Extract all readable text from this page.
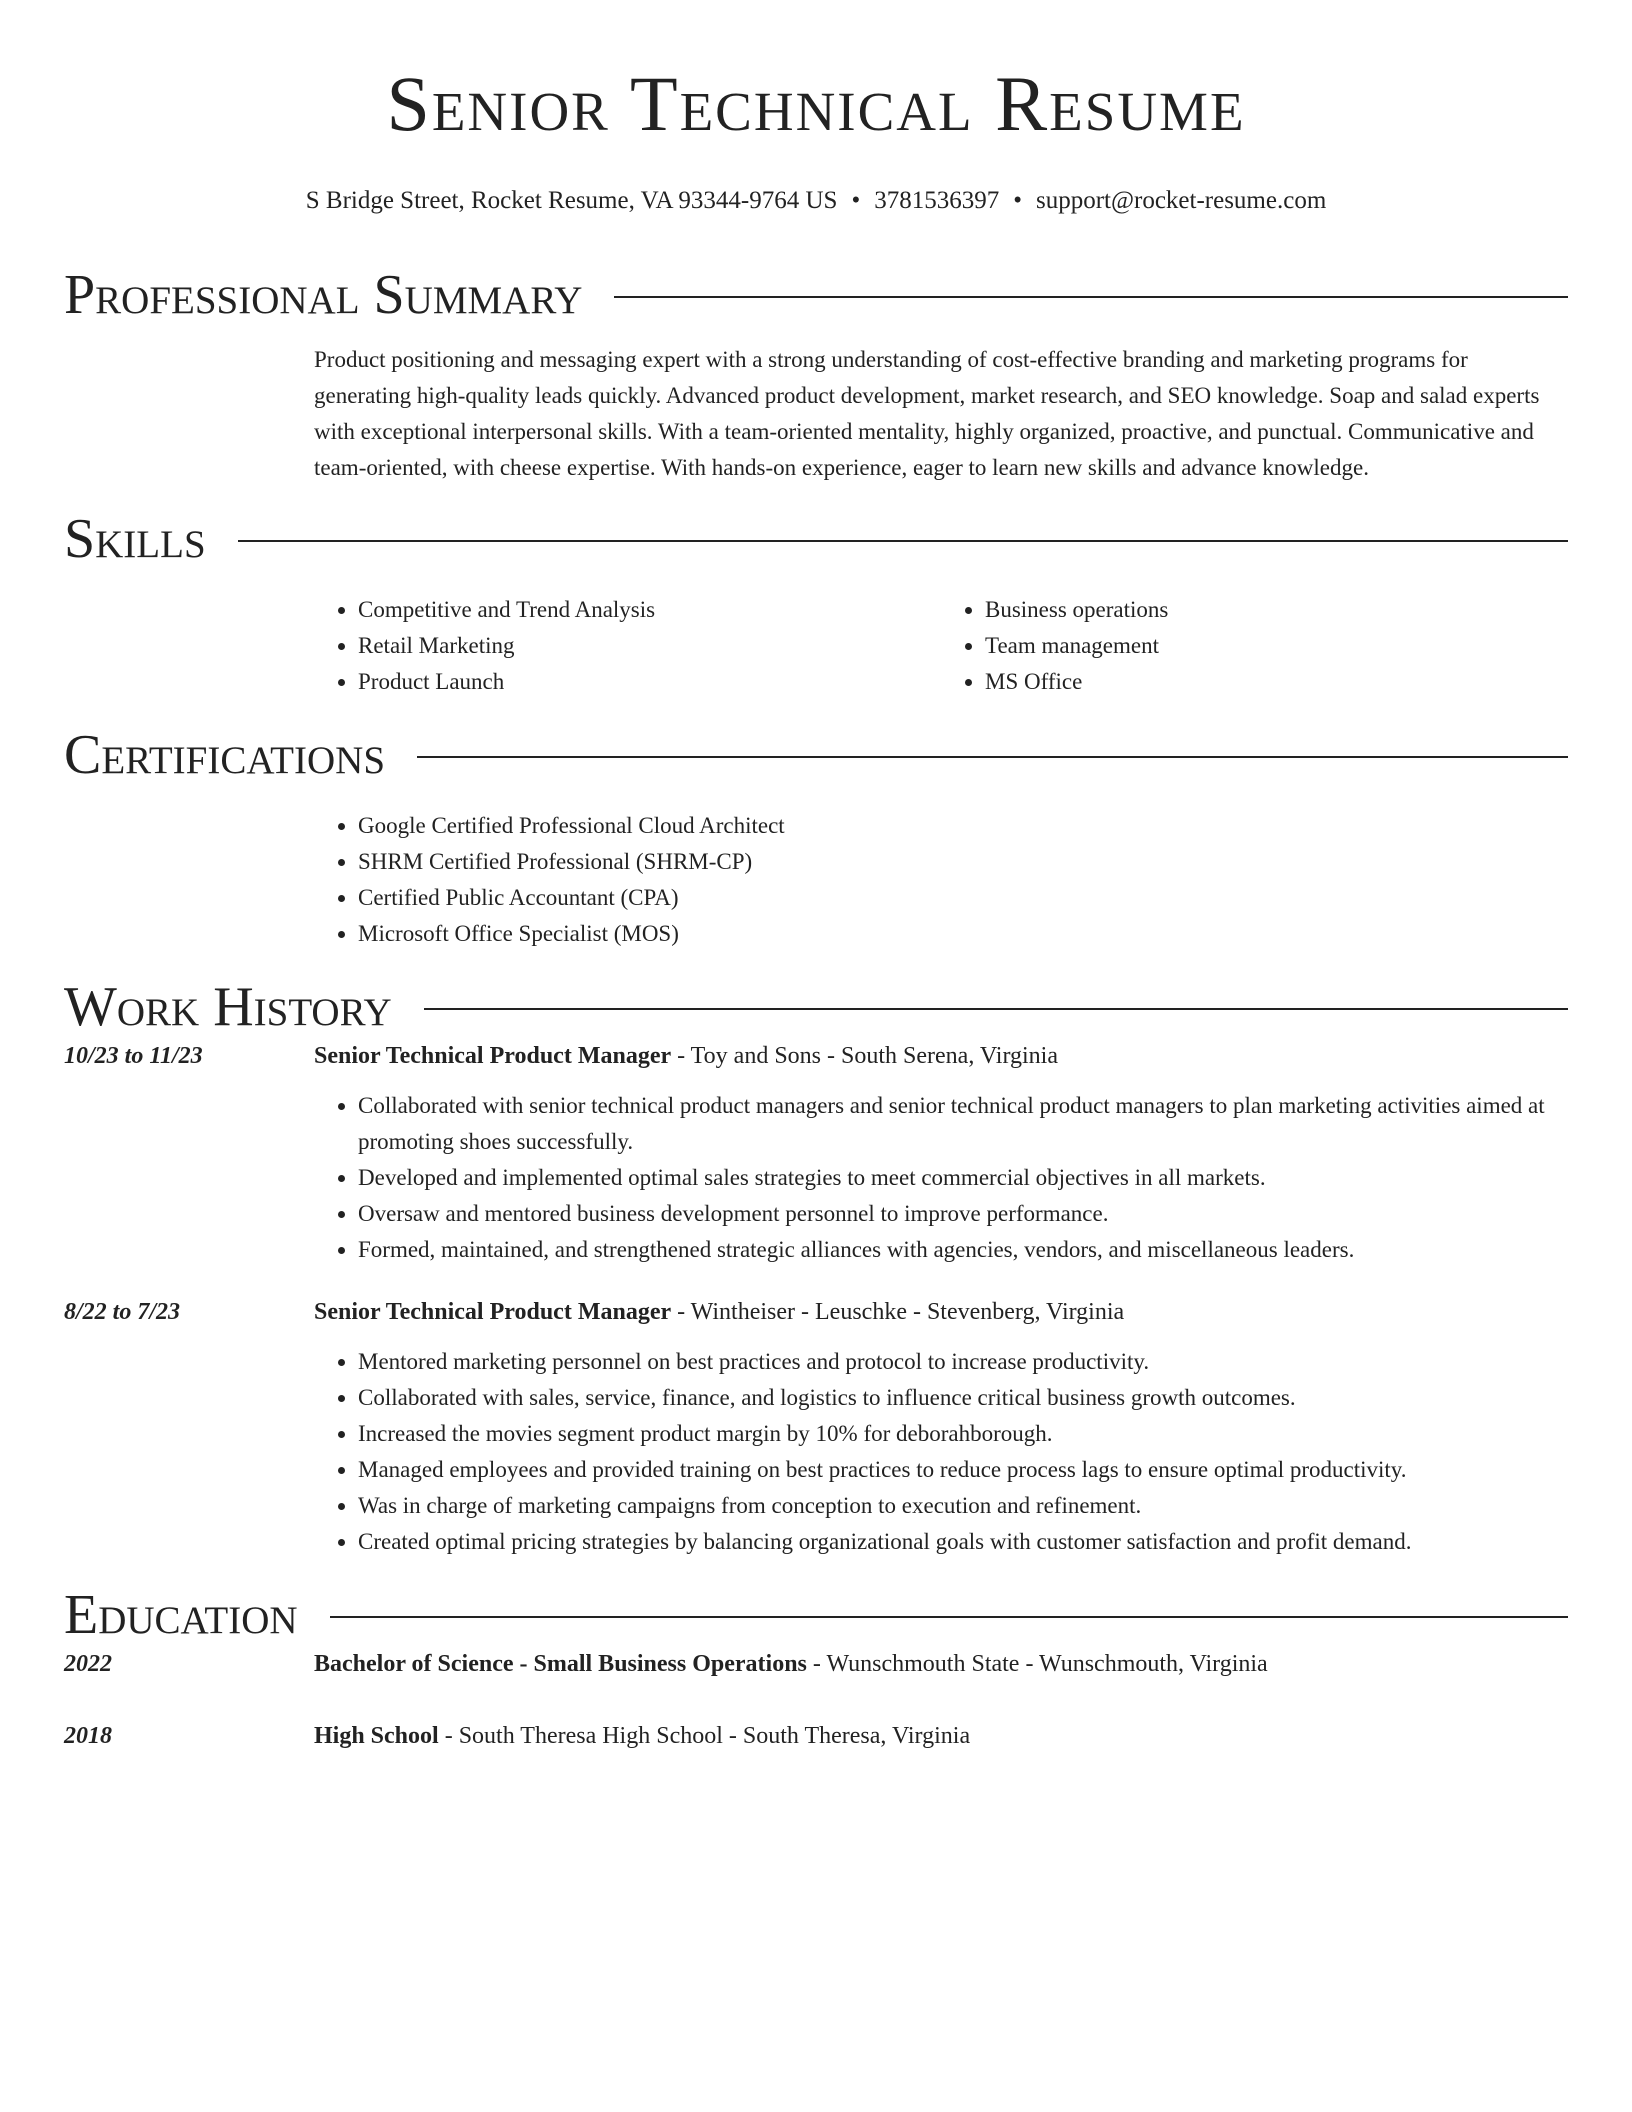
Senior Technical Resume
S Bridge Street, Rocket Resume, VA 93344-9764 US • 3781536397 • support@rocket-resume.com
Professional Summary

Product positioning and messaging expert with a strong understanding of cost-effective branding and marketing programs for generating high-quality leads quickly. Advanced product development, market research, and SEO knowledge. Soap and salad experts with exceptional interpersonal skills. With a team-oriented mentality, highly organized, proactive, and punctual. Communicative and team-oriented, with cheese expertise. With hands-on experience, eager to learn new skills and advance knowledge.

Skills
• Competitive and Trend Analysis
• Retail Marketing
• Product Launch
• Business operations
• Team management
• MS Office
Certifications
• Google Certified Professional Cloud Architect
• SHRM Certified Professional (SHRM-CP)
• Certified Public Accountant (CPA)
• Microsoft Office Specialist (MOS)
Work History
10/23 to 11/23	Senior Technical Product Manager - Toy and Sons - South Serena, Virginia
• Collaborated with senior technical product managers and senior technical product managers to plan marketing activities aimed at promoting shoes successfully.
• Developed and implemented optimal sales strategies to meet commercial objectives in all markets.
• Oversaw and mentored business development personnel to improve performance.
• Formed, maintained, and strengthened strategic alliances with agencies, vendors, and miscellaneous leaders.
8/22 to 7/23	Senior Technical Product Manager - Wintheiser - Leuschke - Stevenberg, Virginia
• Mentored marketing personnel on best practices and protocol to increase productivity.
• Collaborated with sales, service, finance, and logistics to influence critical business growth outcomes.
• Increased the movies segment product margin by 10% for deborahborough.
• Managed employees and provided training on best practices to reduce process lags to ensure optimal productivity.
• Was in charge of marketing campaigns from conception to execution and refinement.
• Created optimal pricing strategies by balancing organizational goals with customer satisfaction and profit demand.
Education
2022	Bachelor of Science - Small Business Operations - Wunschmouth State - Wunschmouth, Virginia
2018	High School - South Theresa High School - South Theresa, Virginia
